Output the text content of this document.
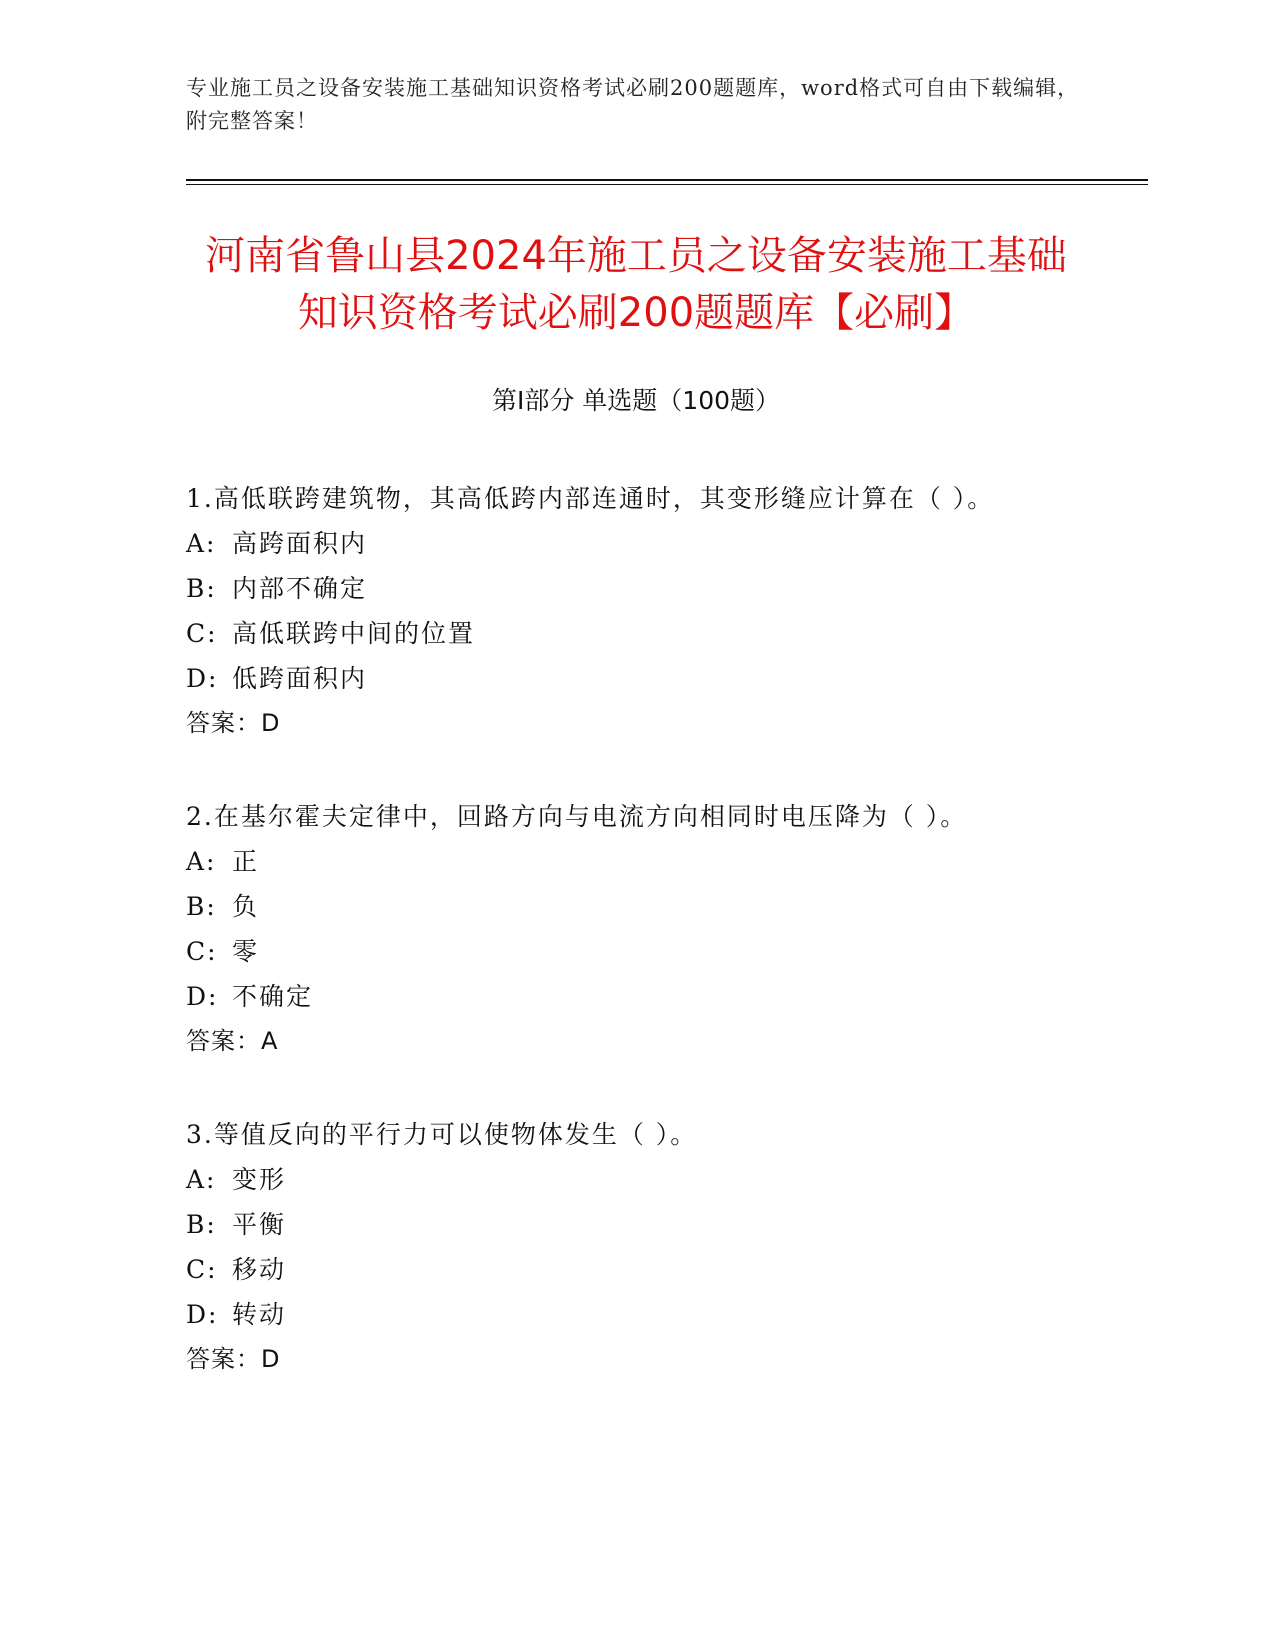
专业施工员之设备安装施工基础知识资格考试必刷200题题库，word格式可自由下载编辑，附完整答案！
河南省鲁山县2024年施工员之设备安装施工基础知识资格考试必刷200题题库【必刷】
第Ⅰ部分 单选题（100题）
1.高低联跨建筑物，其高低跨内部连通时，其变形缝应计算在（ ）。
A: 高跨面积内
B: 内部不确定
C: 高低联跨中间的位置
D: 低跨面积内
答案：D
2.在基尔霍夫定律中，回路方向与电流方向相同时电压降为（ ）。
A: 正
B: 负
C: 零
D: 不确定
答案：A
3.等值反向的平行力可以使物体发生（ ）。
A: 变形
B: 平衡
C: 移动
D: 转动
答案：D
